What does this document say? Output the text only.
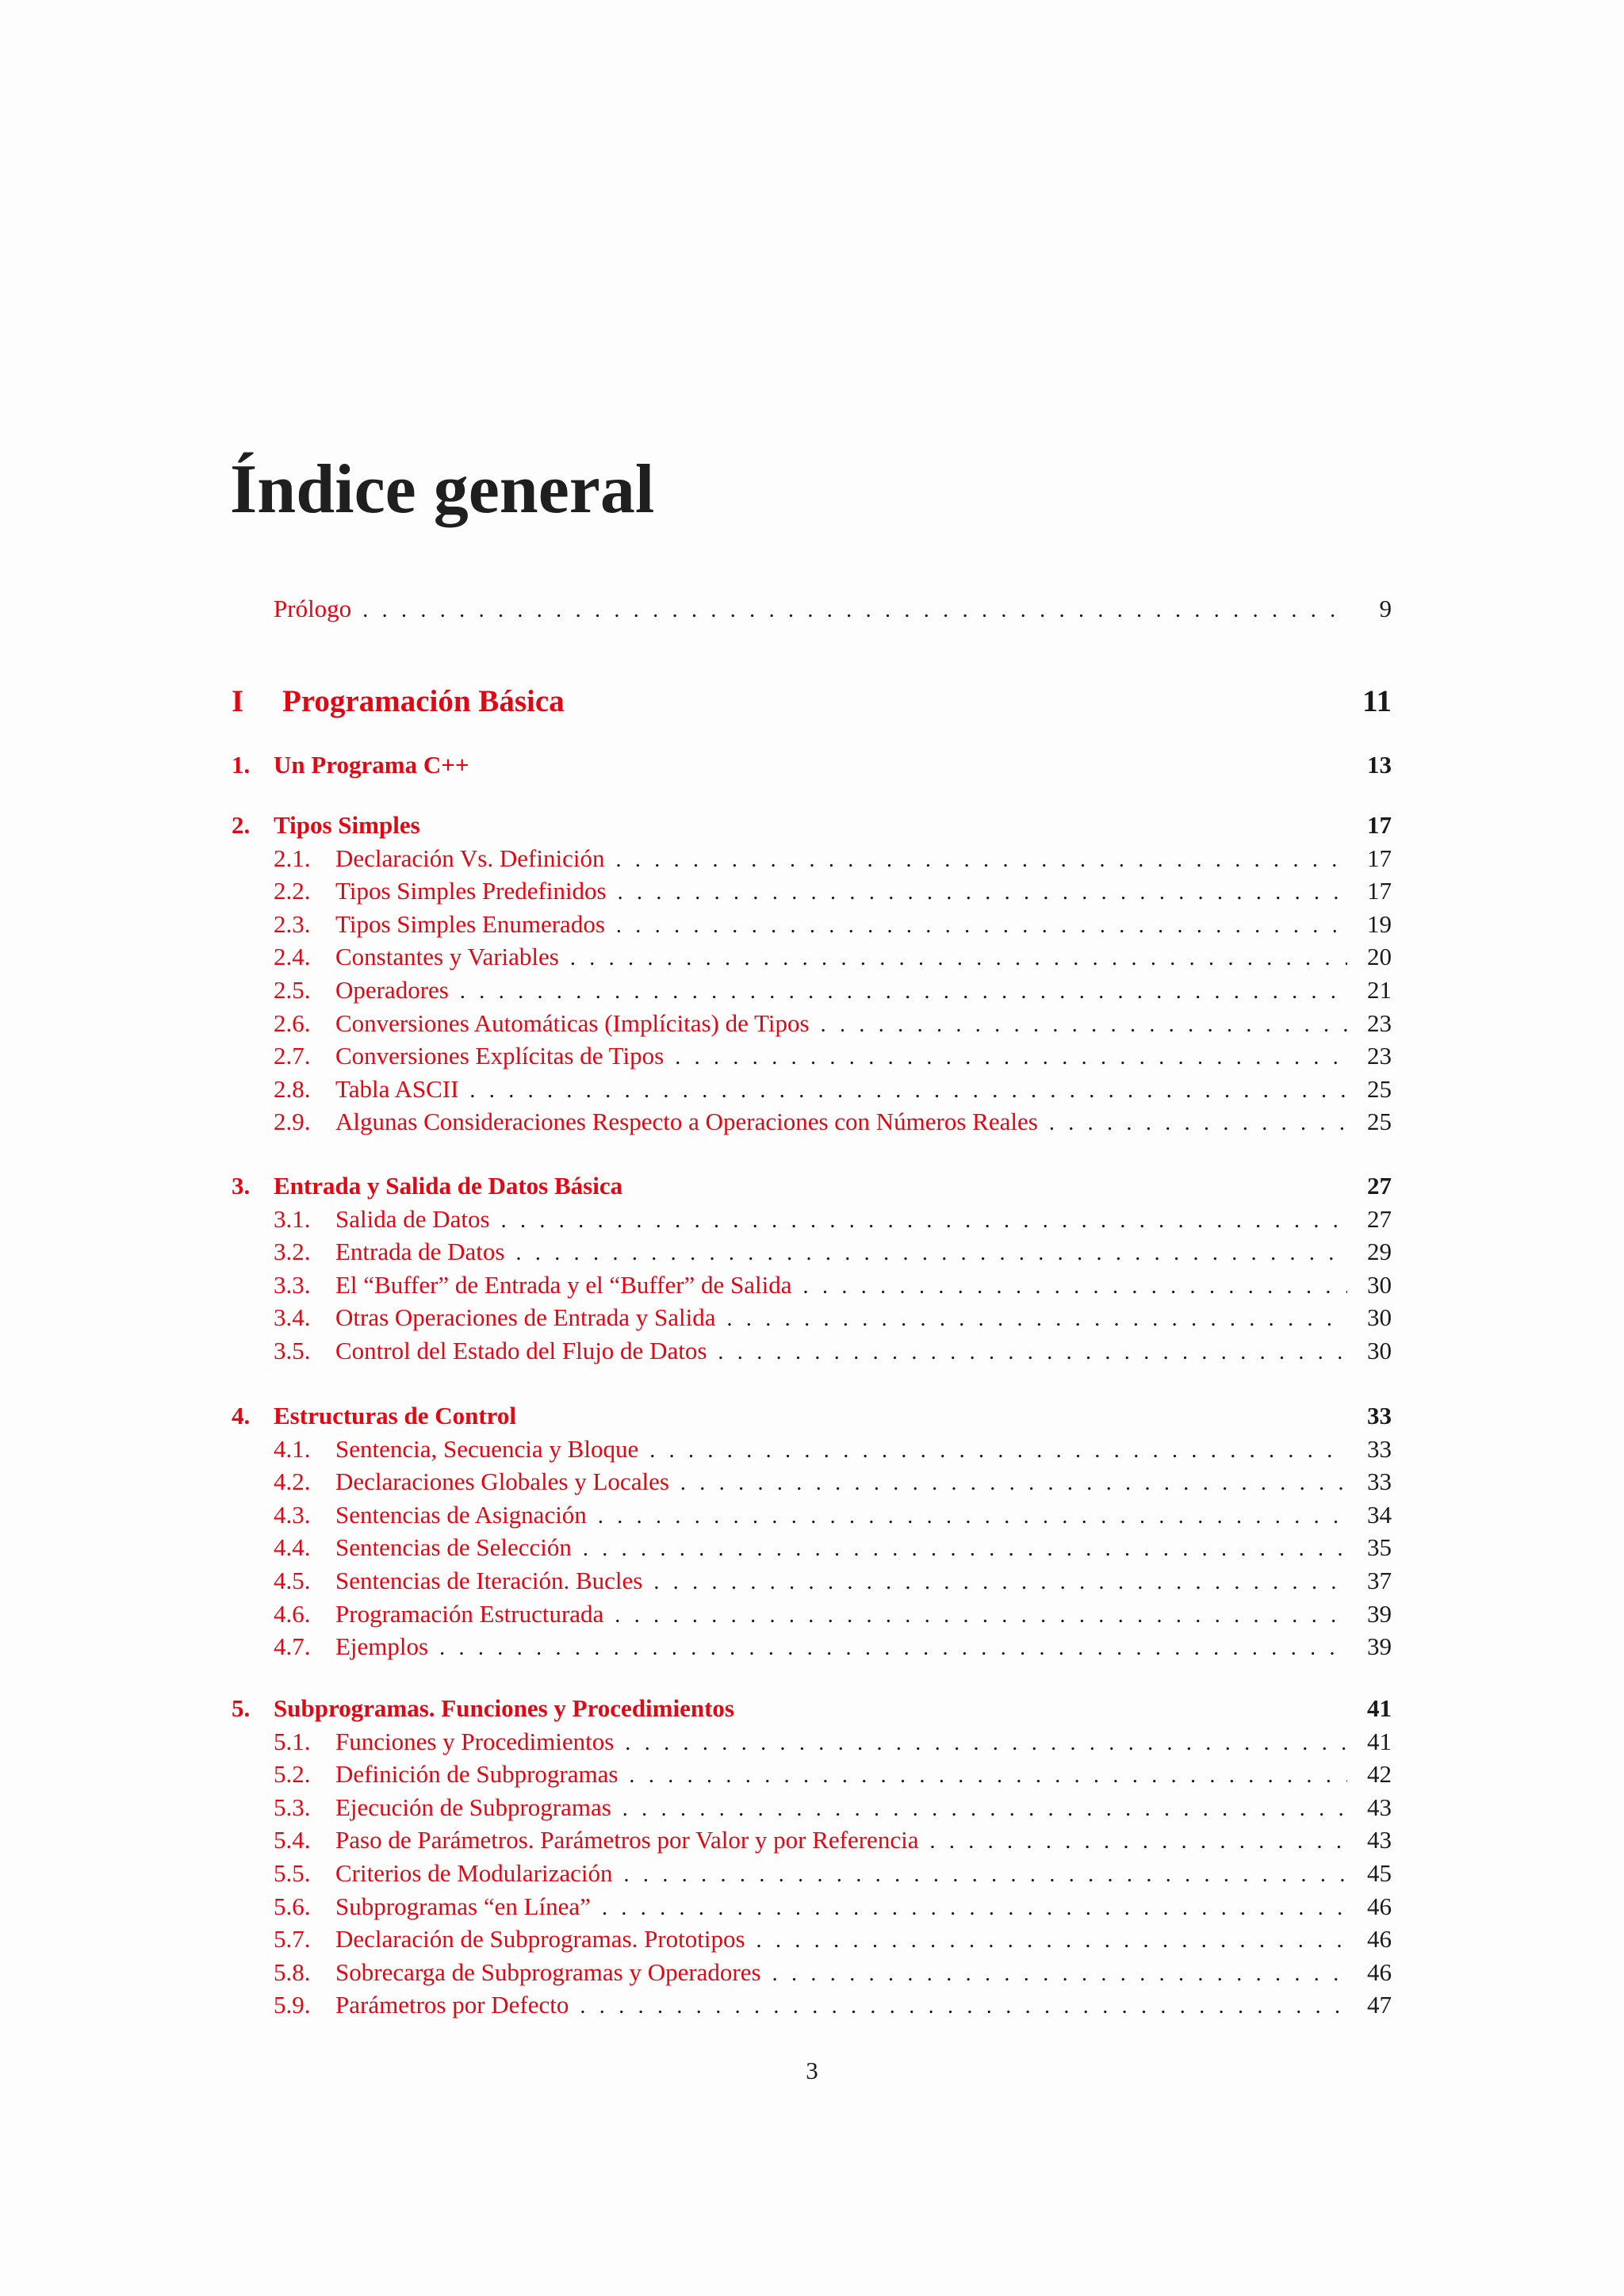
Índice general
Prólogo . . .	9
I	Programación Básica	11
1. Un Programa C++	13
2. Tipos Simples	17
2.1.	Declaración Vs. Definición . . .	17
2.2.	Tipos Simples Predefinidos . . .	17
2.3.	Tipos Simples Enumerados . . .	19
2.4.	Constantes y Variables . . .	20
2.5.	Operadores . . .	21
2.6.	Conversiones Automáticas (Implícitas) de Tipos . . .	23
2.7.	Conversiones Explícitas de Tipos . . .	23
2.8.	Tabla ASCII . . .	25
2.9.	Algunas Consideraciones Respecto a Operaciones con Números Reales . . .	25
3. Entrada y Salida de Datos Básica	27
3.1.	Salida de Datos . . .	27
3.2.	Entrada de Datos . . .	29
3.3.	El “Buffer” de Entrada y el “Buffer” de Salida . . .	30
3.4.	Otras Operaciones de Entrada y Salida . . .	30
3.5.	Control del Estado del Flujo de Datos . . .	30
4. Estructuras de Control	33
4.1.	Sentencia, Secuencia y Bloque . . .	33
4.2.	Declaraciones Globales y Locales . . .	33
4.3.	Sentencias de Asignación . . .	34
4.4.	Sentencias de Selección . . .	35
4.5.	Sentencias de Iteración. Bucles . . .	37
4.6.	Programación Estructurada . . .	39
4.7.	Ejemplos . . .	39
5. Subprogramas. Funciones y Procedimientos	41
5.1.	Funciones y Procedimientos . . .	41
5.2.	Definición de Subprogramas . . .	42
5.3.	Ejecución de Subprogramas . . .	43
5.4.	Paso de Parámetros. Parámetros por Valor y por Referencia . . .	43
5.5.	Criterios de Modularización . . .	45
5.6.	Subprogramas “en Línea” . . .	46
5.7.	Declaración de Subprogramas. Prototipos . . .	46
5.8.	Sobrecarga de Subprogramas y Operadores . . .	46
5.9.	Parámetros por Defecto . . .	47
3
